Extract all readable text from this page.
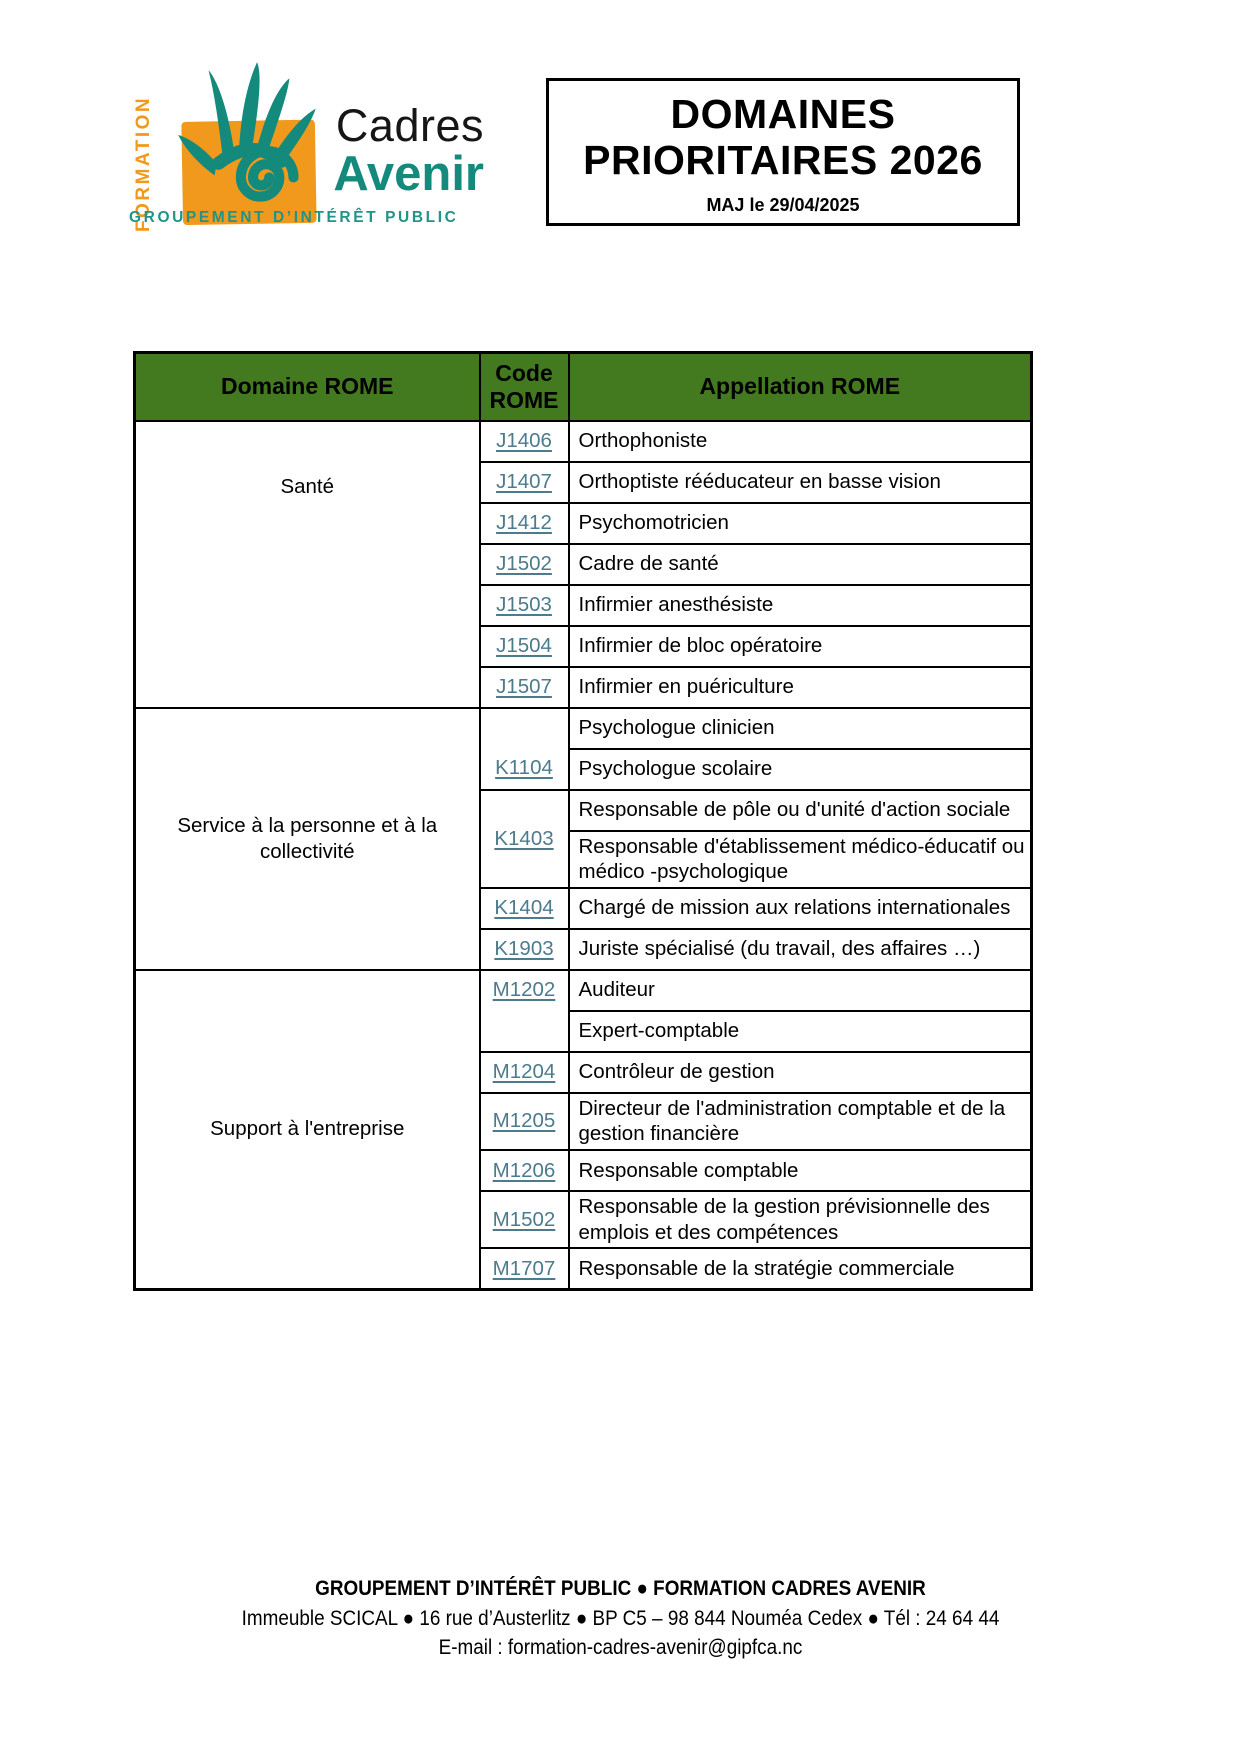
FORMATION	Cadres
Avenir
GROUPEMENT D’INTÉRÊT PUBLIC
DOMAINES
PRIORITAIRES 2026
MAJ le 29/04/2025
Domaine ROME	Code ROME	Appellation ROME
Santé	J1406	Orthophoniste
	J1407	Orthoptiste rééducateur en basse vision
	J1412	Psychomotricien
	J1502	Cadre de santé
	J1503	Infirmier anesthésiste
	J1504	Infirmier de bloc opératoire
	J1507	Infirmier en puériculture
Service à la personne et à la collectivité	K1104	Psychologue clinicien
		Psychologue scolaire
	K1403	Responsable de pôle ou d'unité d'action sociale
		Responsable d'établissement médico-éducatif ou médico -psychologique
	K1404	Chargé de mission aux relations internationales
	K1903	Juriste spécialisé (du travail, des affaires …)
Support à l'entreprise	M1202	Auditeur
		Expert-comptable
	M1204	Contrôleur de gestion
	M1205	Directeur de l'administration comptable et de la gestion financière
	M1206	Responsable comptable
	M1502	Responsable de la gestion prévisionnelle des emplois et des compétences
	M1707	Responsable de la stratégie commerciale
GROUPEMENT D’INTÉRÊT PUBLIC ● FORMATION CADRES AVENIR
Immeuble SCICAL ● 16 rue d’Austerlitz ● BP C5 – 98 844 Nouméa Cedex ● Tél : 24 64 44
E-mail : formation-cadres-avenir@gipfca.nc
